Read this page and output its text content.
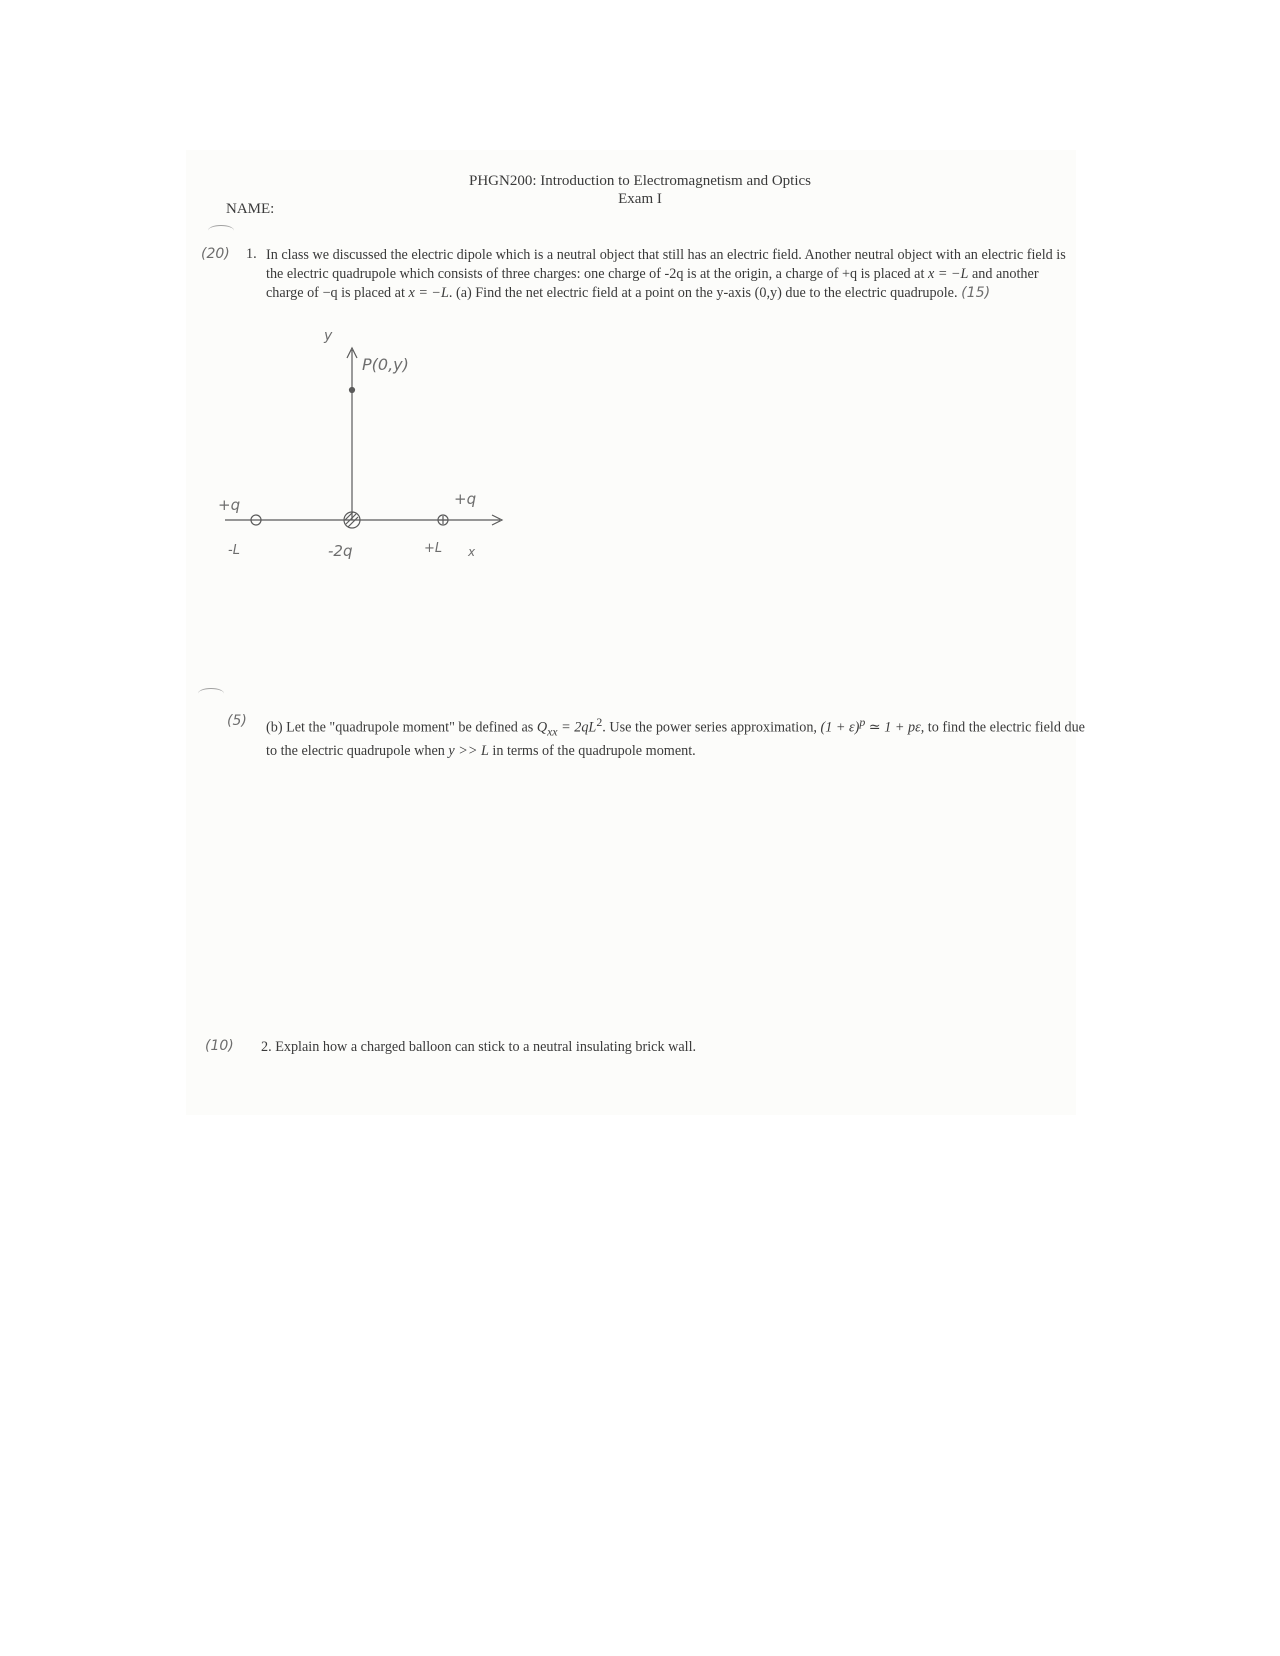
PHGN200: Introduction to Electromagnetism and Optics
Exam I
NAME:
(20) 1. In class we discussed the electric dipole which is a neutral object that still has an electric field. Another neutral object with an electric field is the electric quadrupole which consists of three charges: one charge of -2q is at the origin, a charge of +q is placed at x = −L and another charge of −q is placed at x = −L. (a) Find the net electric field at a point on the y-axis (0,y) due to the electric quadrupole. (15)
y
P(0,y)
x
+q
-L	-2q
+q
+L
(5) (b) Let the "quadrupole moment" be defined as $Q_{xx} = 2qL^2$. Use the power series approximation, $(1 + \varepsilon)^p$ ≃ 1 + pε, to find the electric field due to the electric quadrupole when y >> L in terms of the quadrupole moment.
(10) 2. Explain how a charged balloon can stick to a neutral insulating brick wall.
